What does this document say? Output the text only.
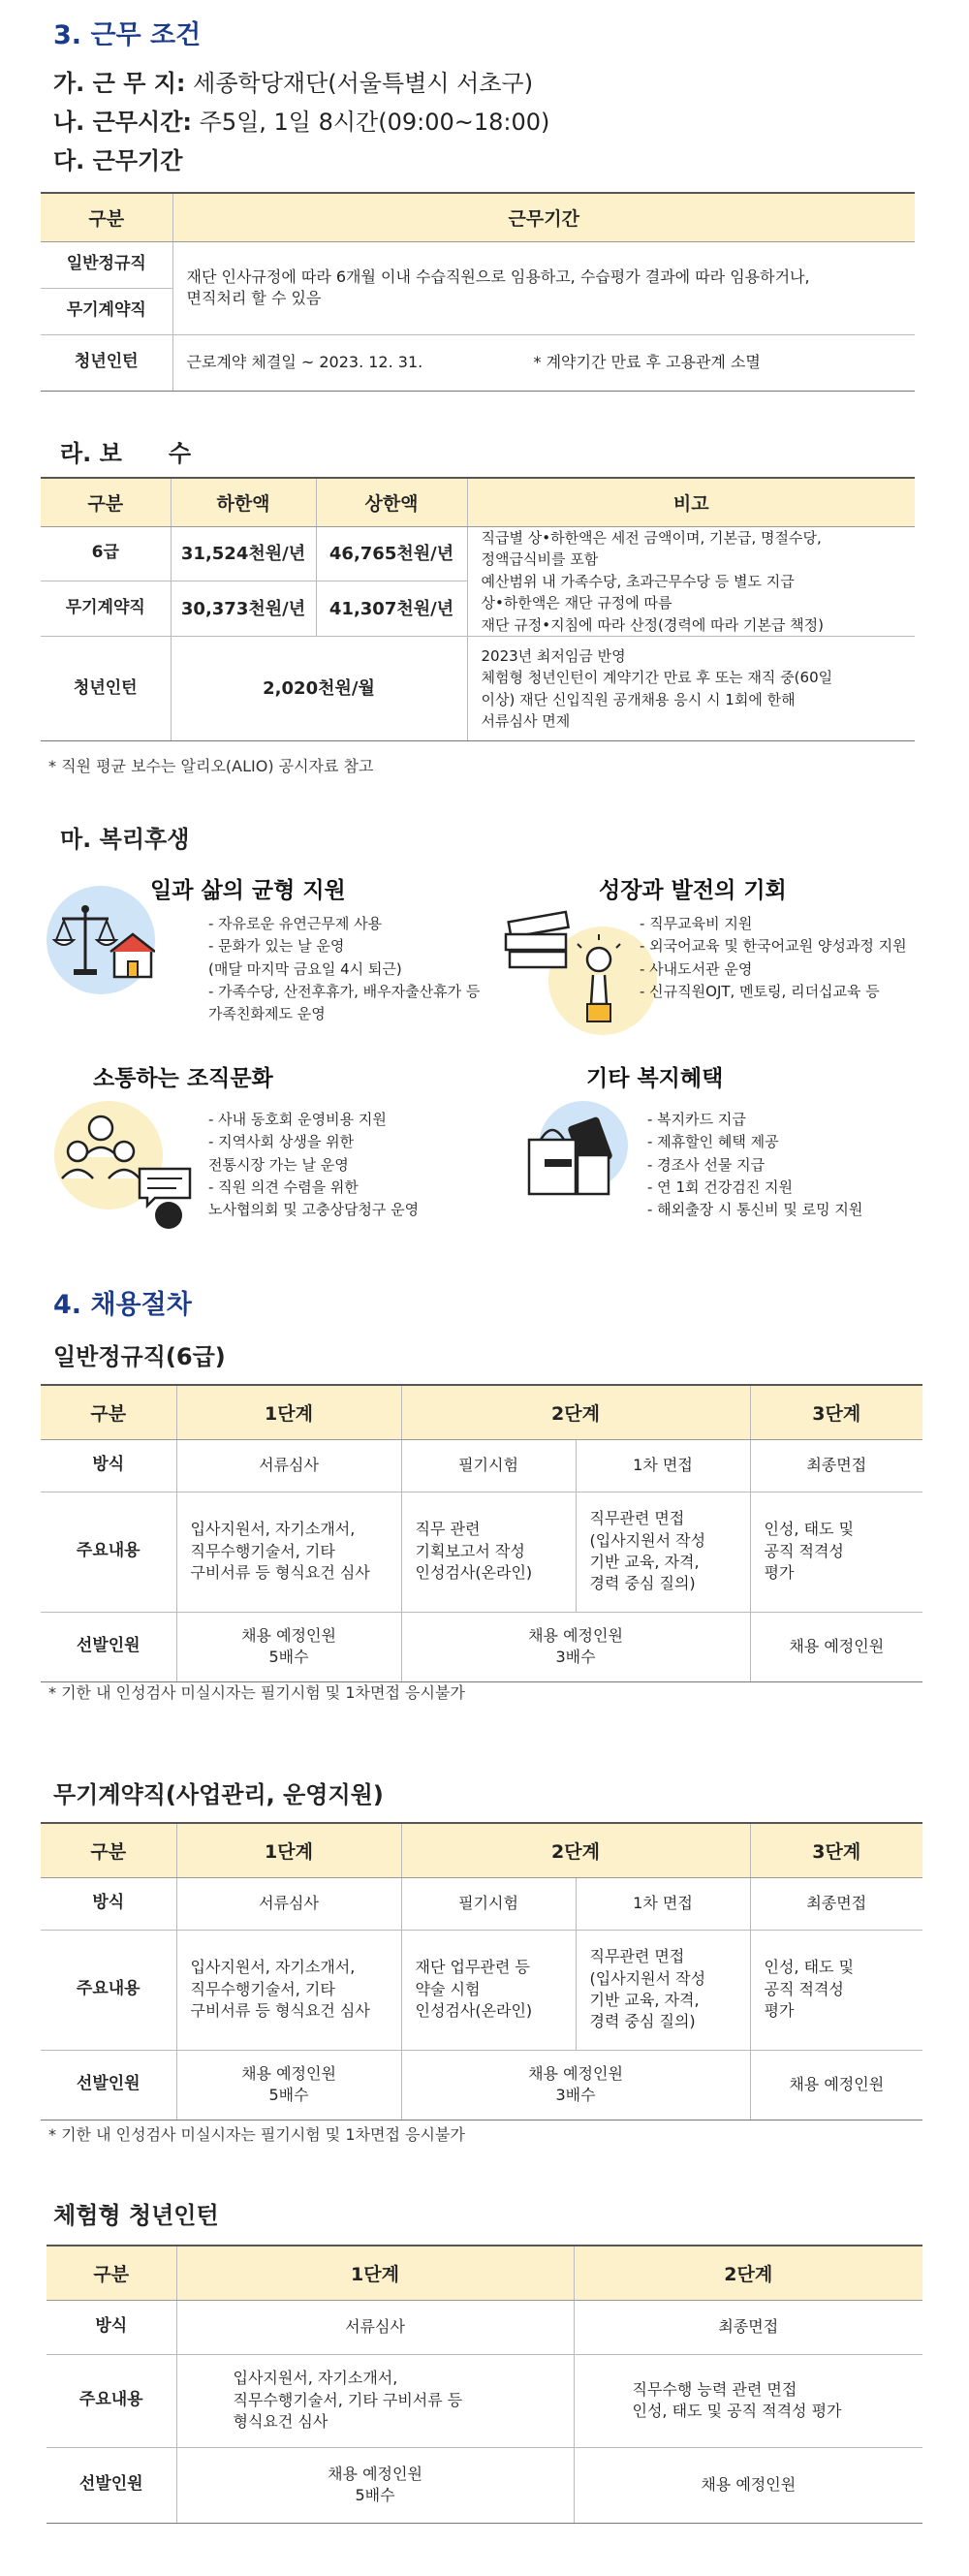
3. 근무 조건
가. 근 무 지: 세종학당재단(서울특별시 서초구)
나. 근무시간: 주5일, 1일 8시간(09:00~18:00)
다. 근무기간
구분	근무기간
일반정규직	재단 인사규정에 따라 6개월 이내 수습직원으로 임용하고, 수습평가 결과에 따라 임용하거나,
면직처리 할 수 있음
무기계약직	
청년인턴	근로계약 체결일 ~ 2023. 12. 31. * 계약기간 만료 후 고용관계 소멸
라. 보　　수
구분	하한액	상한액	비고
6급	31,524천원/년	46,765천원/년	직급별 상•하한액은 세전 금액이며, 기본급, 명절수당,
정액급식비를 포함
예산범위 내 가족수당, 초과근무수당 등 별도 지급
상•하한액은 재단 규정에 따름
재단 규정•지침에 따라 산정(경력에 따라 기본급 책정)
무기계약직	30,373천원/년	41,307천원/년	
청년인턴	2,020천원/월		2023년 최저임금 반영
체험형 청년인턴이 계약기간 만료 후 또는 재직 중(60일
이상) 재단 신입직원 공개채용 응시 시 1회에 한해
서류심사 면제
* 직원 평균 보수는 알리오(ALIO) 공시자료 참고
마. 복리후생
일과 삶의 균형 지원
- 자유로운 유연근무제 사용
- 문화가 있는 날 운영
(매달 마지막 금요일 4시 퇴근)
- 가족수당, 산전후휴가, 배우자출산휴가 등
가족친화제도 운영
성장과 발전의 기회
- 직무교육비 지원
- 외국어교육 및 한국어교원 양성과정 지원
- 사내도서관 운영
- 신규직원OJT, 멘토링, 리더십교육 등
소통하는 조직문화
- 사내 동호회 운영비용 지원
- 지역사회 상생을 위한
전통시장 가는 날 운영
- 직원 의견 수렴을 위한
노사협의회 및 고충상담청구 운영
기타 복지혜택
- 복지카드 지급
- 제휴할인 혜택 제공
- 경조사 선물 지급
- 연 1회 건강검진 지원
- 해외출장 시 통신비 및 로밍 지원
4. 채용절차
일반정규직(6급)
구분	1단계	2단계		3단계
방식	서류심사	필기시험	1차 면접	최종면접
주요내용	입사지원서, 자기소개서,
직무수행기술서, 기타
구비서류 등 형식요건 심사	직무 관련
기획보고서 작성
인성검사(온라인)	직무관련 면접
(입사지원서 작성
기반 교육, 자격,
경력 중심 질의)	인성, 태도 및
공직 적격성
평가
선발인원	채용 예정인원
5배수	채용 예정인원
3배수		채용 예정인원
* 기한 내 인성검사 미실시자는 필기시험 및 1차면접 응시불가
무기계약직(사업관리, 운영지원)
구분	1단계	2단계		3단계
방식	서류심사	필기시험	1차 면접	최종면접
주요내용	입사지원서, 자기소개서,
직무수행기술서, 기타
구비서류 등 형식요건 심사	재단 업무관련 등
약술 시험
인성검사(온라인)	직무관련 면접
(입사지원서 작성
기반 교육, 자격,
경력 중심 질의)	인성, 태도 및
공직 적격성
평가
선발인원	채용 예정인원
5배수	채용 예정인원
3배수		채용 예정인원
* 기한 내 인성검사 미실시자는 필기시험 및 1차면접 응시불가
체험형 청년인턴
구분	1단계	2단계
방식	서류심사	최종면접
주요내용	입사지원서, 자기소개서,
직무수행기술서, 기타 구비서류 등
형식요건 심사	직무수행 능력 관련 면접
인성, 태도 및 공직 적격성 평가
선발인원	채용 예정인원
5배수	채용 예정인원
